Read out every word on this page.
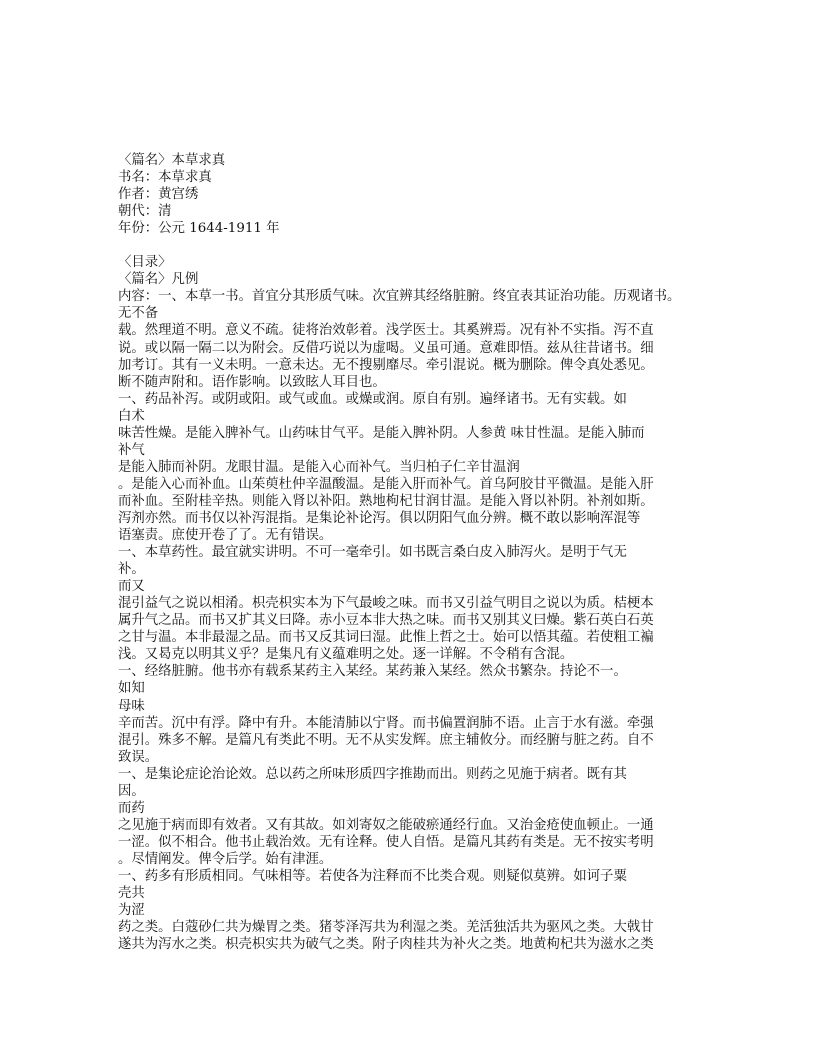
〈篇名〉本草求真
书名：本草求真
作者：黄宫绣
朝代：清
年份：公元 1644-1911 年
〈目录〉
〈篇名〉凡例
内容：一、本草一书。首宜分其形质气味。次宜辨其经络脏腑。终宜表其证治功能。历观诸书。
无不备
载。然理道不明。意义不疏。徒将治效彰着。浅学医士。其奚辨焉。况有补不实指。泻不直
说。或以隔一隔二以为附会。反借巧说以为虚喝。义虽可通。意难即悟。兹从往昔诸书。细
加考订。其有一义未明。一意未达。无不搜剔靡尽。牵引混说。概为删除。俾令真处悉见。
断不随声附和。语作影响。以致眩人耳目也。
一、药品补泻。或阴或阳。或气或血。或燥或润。原自有别。遍绎诸书。无有实载。如
白术
味苦性燥。是能入脾补气。山药味甘气平。是能入脾补阴。人参黄 味甘性温。是能入肺而
补气
是能入肺而补阴。龙眼甘温。是能入心而补气。当归柏子仁辛甘温润
。是能入心而补血。山茱萸杜仲辛温酸温。是能入肝而补气。首乌阿胶甘平微温。是能入肝
而补血。至附桂辛热。则能入肾以补阳。熟地枸杞甘润甘温。是能入肾以补阴。补剂如斯。
泻剂亦然。而书仅以补泻混指。是集论补论泻。俱以阴阳气血分辨。概不敢以影响浑混等
语塞责。庶使开卷了了。无有错误。
一、本草药性。最宜就实讲明。不可一毫牵引。如书既言桑白皮入肺泻火。是明于气无
补。
而又
混引益气之说以相淆。枳壳枳实本为下气最峻之味。而书又引益气明目之说以为质。桔梗本
属升气之品。而书又扩其义曰降。赤小豆本非大热之味。而书又别其义曰燥。紫石英白石英
之甘与温。本非最湿之品。而书又反其词曰湿。此惟上哲之士。始可以悟其蕴。若使粗工褊
浅。又曷克以明其义乎？是集凡有义蕴难明之处。逐一详解。不令稍有含混。
一、经络脏腑。他书亦有载系某药主入某经。某药兼入某经。然众书繁杂。持论不一。
如知
母味
辛而苦。沉中有浮。降中有升。本能清肺以宁肾。而书偏置润肺不语。止言于水有滋。牵强
混引。殊多不解。是篇凡有类此不明。无不从实发辉。庶主辅攸分。而经腑与脏之药。自不
致误。
一、是集论症论治论效。总以药之所味形质四字推勘而出。则药之见施于病者。既有其
因。
而药
之见施于病而即有效者。又有其故。如刘寄奴之能破瘀通经行血。又治金疮使血顿止。一通
一涩。似不相合。他书止载治效。无有诠释。使人自悟。是篇凡其药有类是。无不按实考明
。尽情阐发。俾令后学。始有津涯。
一、药多有形质相同。气味相等。若使各为注释而不比类合观。则疑似莫辨。如诃子粟
壳共
为涩
药之类。白蔻砂仁共为燥胃之类。猪苓泽泻共为利湿之类。羌活独活共为驱风之类。大戟甘
遂共为泻水之类。枳壳枳实共为破气之类。附子肉桂共为补火之类。地黄枸杞共为滋水之类
